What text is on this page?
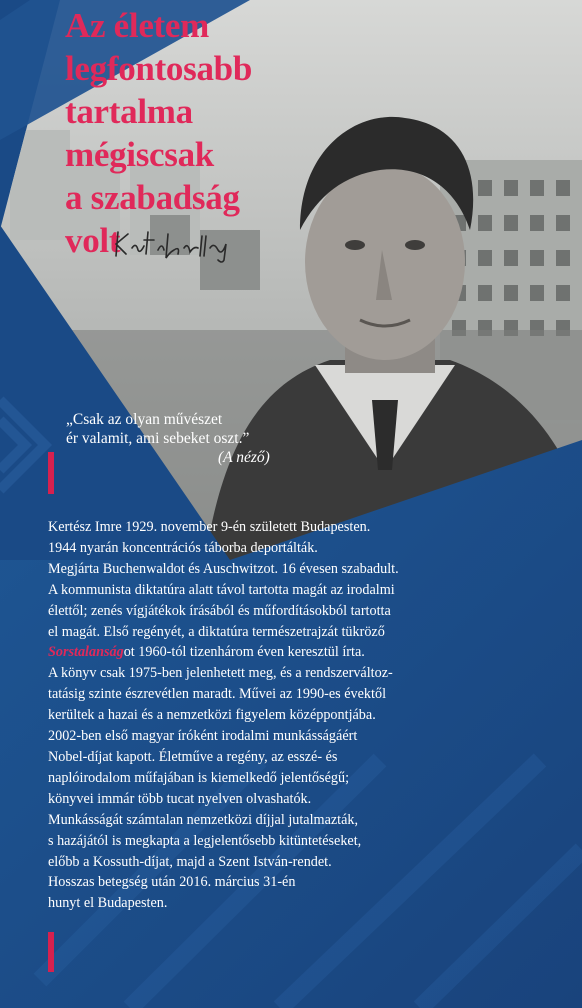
Az életem
legfontosabb
tartalma
mégiscsak
a szabadság
volt
„Csak az olyan művészet
ér valamit, ami sebeket oszt.”
(A néző)
Kertész Imre 1929. november 9-én született Budapesten.
1944 nyarán koncentrációs táborba deportálták.
Megjárta Buchenwaldot és Auschwitzot. 16 évesen szabadult.
A kommunista diktatúra alatt távol tartotta magát az irodalmi
élettől; zenés vígjátékok írásából és műfordításokból tartotta
el magát. Első regényét, a diktatúra természetrajzát tükröző
Sorstalanságot 1960-tól tizenhárom éven keresztül írta.
A könyv csak 1975-ben jelenhetett meg, és a rendszerváltoz-
tatásig szinte észrevétlen maradt. Művei az 1990-es évektől
kerültek a hazai és a nemzetközi figyelem középpontjába.
2002-ben első magyar íróként irodalmi munkásságáért
Nobel-díjat kapott. Életműve a regény, az esszé- és
naplóirodalom műfajában is kiemelkedő jelentőségű;
könyvei immár több tucat nyelven olvashatók.
Munkásságát számtalan nemzetközi díjjal jutalmazták,
s hazájától is megkapta a legjelentősebb kitüntetéseket,
előbb a Kossuth-díjat, majd a Szent István-rendet.
Hosszas betegség után 2016. március 31-én
hunyt el Budapesten.
